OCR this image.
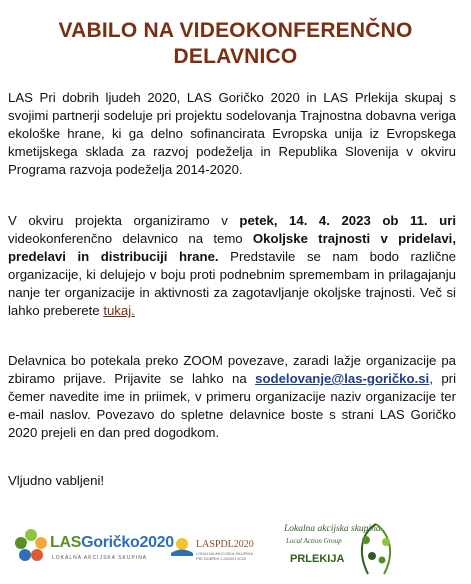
VABILO NA VIDEOKONFERENČNO
DELAVNICO
LAS Pri dobrih ljudeh 2020, LAS Goričko 2020 in LAS Prlekija skupaj s svojimi partnerji sodeluje pri projektu sodelovanja Trajnostna dobavna veriga ekološke hrane, ki ga delno sofinancirata Evropska unija iz Evropskega kmetijskega sklada za razvoj podeželja in Republika Slovenija v okviru Programa razvoja podeželja 2014-2020.
V okviru projekta organiziramo v petek, 14. 4. 2023 ob 11. uri videokonferenčno delavnico na temo Okoljske trajnosti v pridelavi, predelavi in distribuciji hrane. Predstavile se nam bodo različne organizacije, ki delujejo v boju proti podnebnim spremembam in prilagajanju nanje ter organizacije in aktivnosti za zagotavljanje okoljske trajnosti. Več si lahko preberete tukaj.
Delavnica bo potekala preko ZOOM povezave, zaradi lažje organizacije pa zbiramo prijave. Prijavite se lahko na sodelovanje@las-goričko.si, pri čemer navedite ime in priimek, v primeru organizacije naziv organizacije ter e-mail naslov. Povezavo do spletne delavnice boste s strani LAS Goričko 2020 prejeli en dan pred dogodkom.
Vljudno vabljeni!
LASGoričko2020
LOKALNA AKCIJSKA SKUPINA
LASPDL2020
LOKALNA AKCIJSKA SKUPINA PRI DOBRIH LJUDEH 2020
Lokalna akcijska skupina
Local Action Group
PRLEKIJA
